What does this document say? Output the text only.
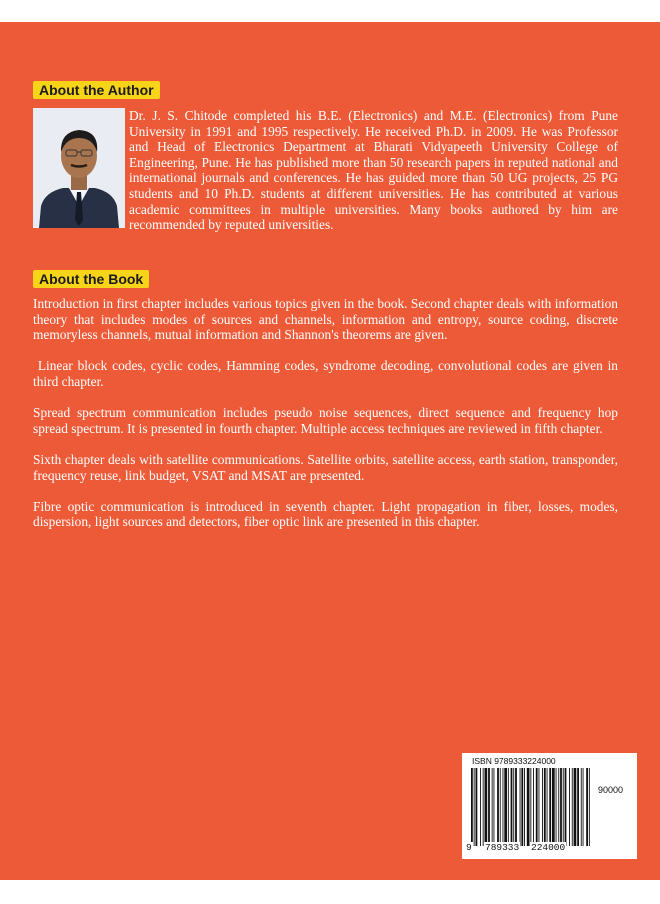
About the Author

Dr. J. S. Chitode completed his B.E. (Electronics) and M.E. (Electronics) from Pune University in 1991 and 1995 respectively. He received Ph.D. in 2009. He was Professor and Head of Electronics Department at Bharati Vidyapeeth University College of Engineering, Pune. He has published more than 50 research papers in reputed national and international journals and conferences. He has guided more than 50 UG projects, 25 PG students and 10 Ph.D. students at different universities. He has contributed at various academic committees in multiple universities. Many books authored by him are recommended by reputed universities.

About the Book

Introduction in first chapter includes various topics given in the book. Second chapter deals with information theory that includes modes of sources and channels, information and entropy, source coding, discrete memoryless channels, mutual information and Shannon's theorems are given.

Linear block codes, cyclic codes, Hamming codes, syndrome decoding, convolutional codes are given in third chapter.

Spread spectrum communication includes pseudo noise sequences, direct sequence and frequency hop spread spectrum. It is presented in fourth chapter. Multiple access techniques are reviewed in fifth chapter.

Sixth chapter deals with satellite communications. Satellite orbits, satellite access, earth station, transponder, frequency reuse, link budget, VSAT and MSAT are presented.

Fibre optic communication is introduced in seventh chapter. Light propagation in fiber, losses, modes, dispersion, light sources and detectors, fiber optic link are presented in this chapter.

ISBN 9789333224000
90000
9 789333 224000
